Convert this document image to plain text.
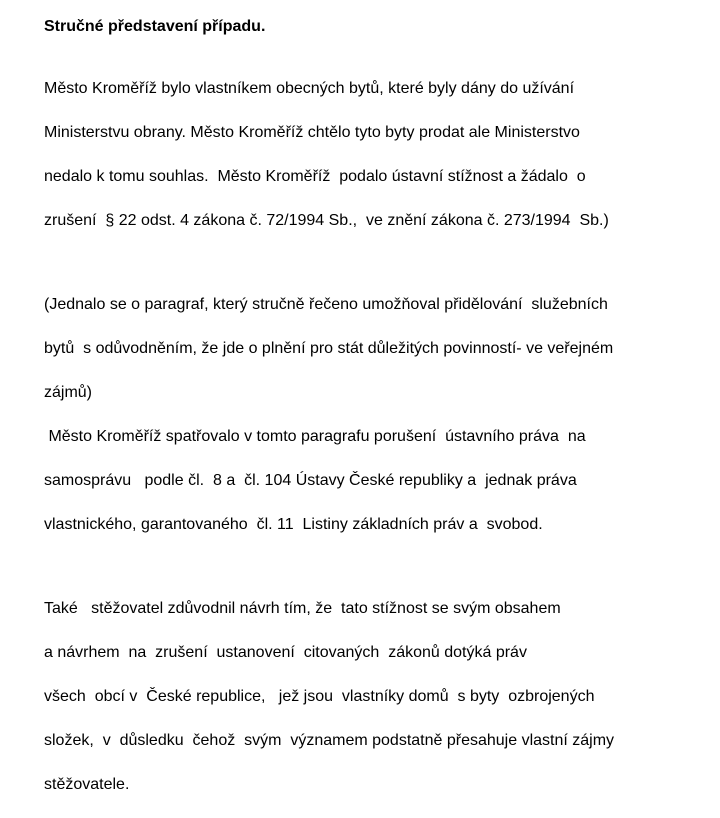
Stručné představení případu.

Město Kroměříž bylo vlastníkem obecných bytů, které byly dány do užívání

Ministerstvu obrany. Město Kroměříž chtělo tyto byty prodat ale Ministerstvo

nedalo k tomu souhlas.  Město Kroměříž  podalo ústavní stížnost a žádalo  o

zrušení  § 22 odst. 4 zákona č. 72/1994 Sb.,  ve znění zákona č. 273/1994  Sb.)

(Jednalo se o paragraf, který stručně řečeno umožňoval přidělování  služebních

bytů  s odůvodněním, že jde o plnění pro stát důležitých povinností- ve veřejném

zájmů)

Město Kroměříž spatřovalo v tomto paragrafu porušení  ústavního práva  na

samosprávu   podle čl.  8 a  čl. 104 Ústavy České republiky a  jednak práva

vlastnického, garantovaného  čl. 11  Listiny základních práv a  svobod.

Také   stěžovatel zdůvodnil návrh tím, že  tato stížnost se svým obsahem

a návrhem  na  zrušení  ustanovení  citovaných  zákonů dotýká práv

všech  obcí v  České republice,   jež jsou  vlastníky domů  s byty  ozbrojených

složek,  v  důsledku  čehož  svým  významem podstatně přesahuje vlastní zájmy

stěžovatele.
